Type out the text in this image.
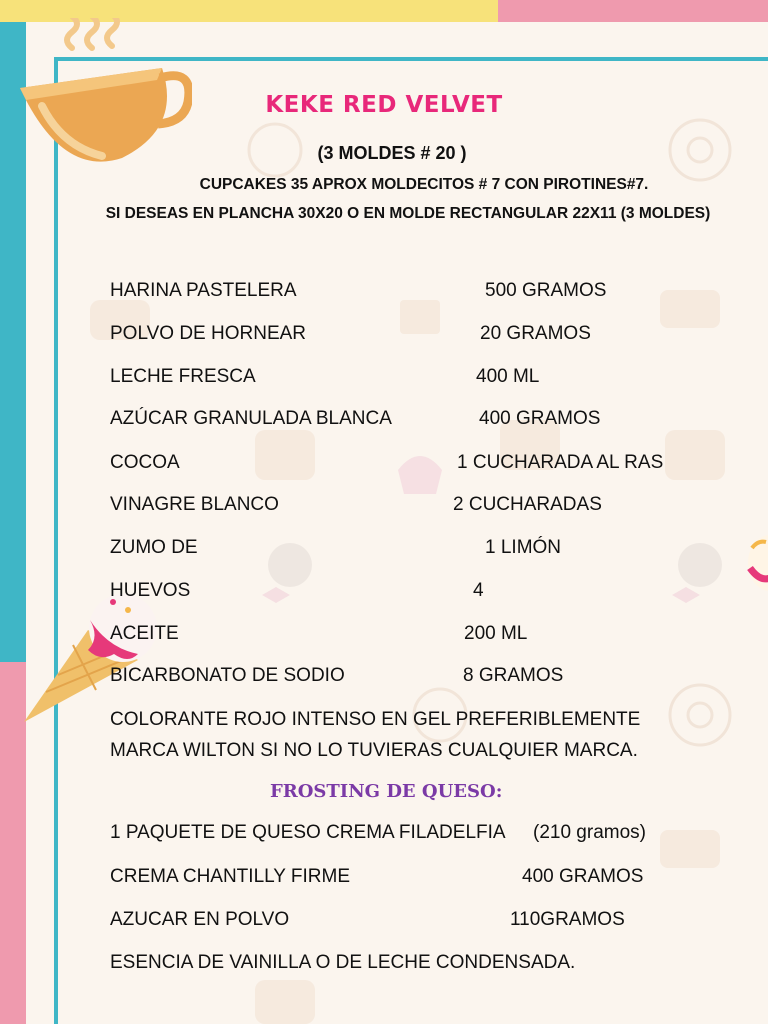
KEKE RED VELVET
(3 MOLDES # 20 )
CUPCAKES 35 APROX MOLDECITOS # 7 CON PIROTINES#7.
SI DESEAS EN PLANCHA 30X20 O EN MOLDE RECTANGULAR 22X11 (3 MOLDES)
HARINA PASTELERA	500 GRAMOS
POLVO DE HORNEAR	20 GRAMOS
LECHE FRESCA	400 ML
AZÚCAR GRANULADA BLANCA	400 GRAMOS
COCOA	1 CUCHARADA AL RAS
VINAGRE BLANCO	2 CUCHARADAS
ZUMO DE	1 LIMÓN
HUEVOS	4
ACEITE	200 ML
BICARBONATO DE SODIO	8 GRAMOS
COLORANTE ROJO INTENSO EN GEL PREFERIBLEMENTE
MARCA WILTON SI NO LO TUVIERAS CUALQUIER MARCA.
FROSTING DE QUESO:
1 PAQUETE DE QUESO CREMA FILADELFIA (210 gramos)
CREMA CHANTILLY FIRME	400 GRAMOS
AZUCAR EN POLVO	110GRAMOS
ESENCIA DE VAINILLA O DE LECHE CONDENSADA.
